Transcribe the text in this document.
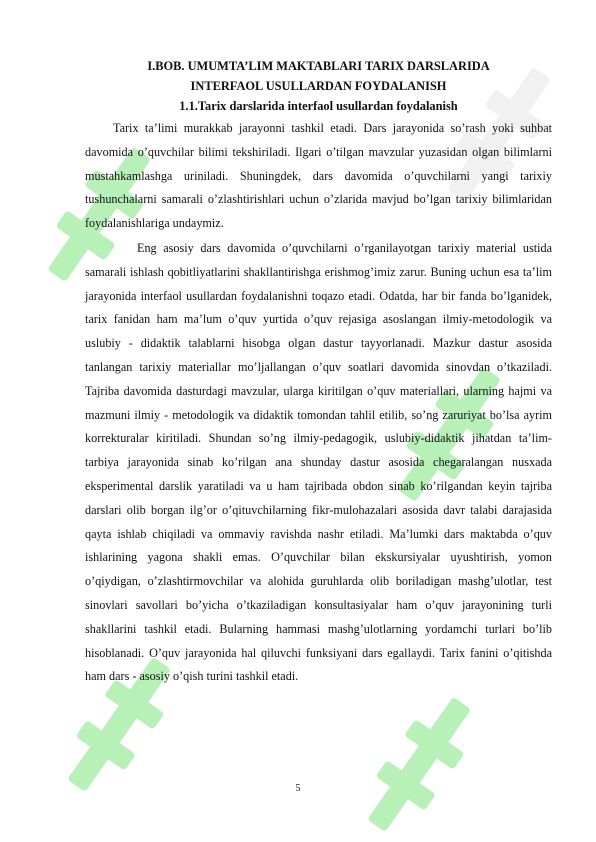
I.BOB. UMUMTA’LIM MAKTABLARI TARIX DARSLARIDA

INTERFAOL USULLARDAN FOYDALANISH

1.1.Tarix darslarida interfaol usullardan foydalanish

Tarix ta’limi murakkab jarayonni tashkil etadi. Dars jarayonida so’rash yoki suhbat davomida o’quvchilar bilimi tekshiriladi. Ilgari o’tilgan mavzular yuzasidan olgan bilimlarni mustahkamlashga uriniladi. Shuningdek, dars davomida o’quvchilarni yangi tarixiy tushunchalarni samarali o’zlashtirishlari uchun o’zlarida mavjud bo’lgan tarixiy bilimlaridan foydalanishlariga undaymiz.

Eng asosiy dars davomida o’quvchilarni o’rganilayotgan tarixiy material ustida samarali ishlash qobitliyatlarini shakllantirishga erishmog’imiz zarur. Buning uchun esa ta’lim jarayonida interfaol usullardan foydalanishni toqazo etadi. Odatda, har bir fanda bo’lganidek, tarix fanidan ham ma’lum o’quv yurtida o’quv rejasiga asoslangan ilmiy-metodologik va uslubiy - didaktik talablarni hisobga olgan dastur tayyorlanadi. Mazkur dastur asosida tanlangan tarixiy materiallar mo’ljallangan o’quv soatlari davomida sinovdan o’tkaziladi. Tajriba davomida dasturdagi mavzular, ularga kiritilgan o’quv materiallari, ularning hajmi va mazmuni ilmiy - metodologik va didaktik tomondan tahlil etilib, so’ng zaruriyat bo’lsa ayrim korrekturalar kiritiladi. Shundan so’ng ilmiy-pedagogik, uslubiy-didaktik jihatdan ta’lim-tarbiya jarayonida sinab ko’rilgan ana shunday dastur asosida chegaralangan nusxada eksperimental darslik yaratiladi va u ham tajribada obdon sinab ko’rilgandan keyin tajriba darslari olib borgan ilg’or o’qituvchilarning fikr-mulohazalari asosida davr talabi darajasida qayta ishlab chiqiladi va ommaviy ravishda nashr etiladi. Ma’lumki dars maktabda o’quv ishlarining yagona shakli emas. O’quvchilar bilan ekskursiyalar uyushtirish, yomon o’qiydigan, o’zlashtirmovchilar va alohida guruhlarda olib boriladigan mashg’ulotlar, test sinovlari savollari bo’yicha o’tkaziladigan konsultasiyalar ham o’quv jarayonining turli shakllarini tashkil etadi. Bularning hammasi mashg’ulotlarning yordamchi turlari bo’lib hisoblanadi. O’quv jarayonida hal qiluvchi funksiyani dars egallaydi. Tarix fanini o’qitishda ham dars - asosiy o’qish turini tashkil etadi.

5
